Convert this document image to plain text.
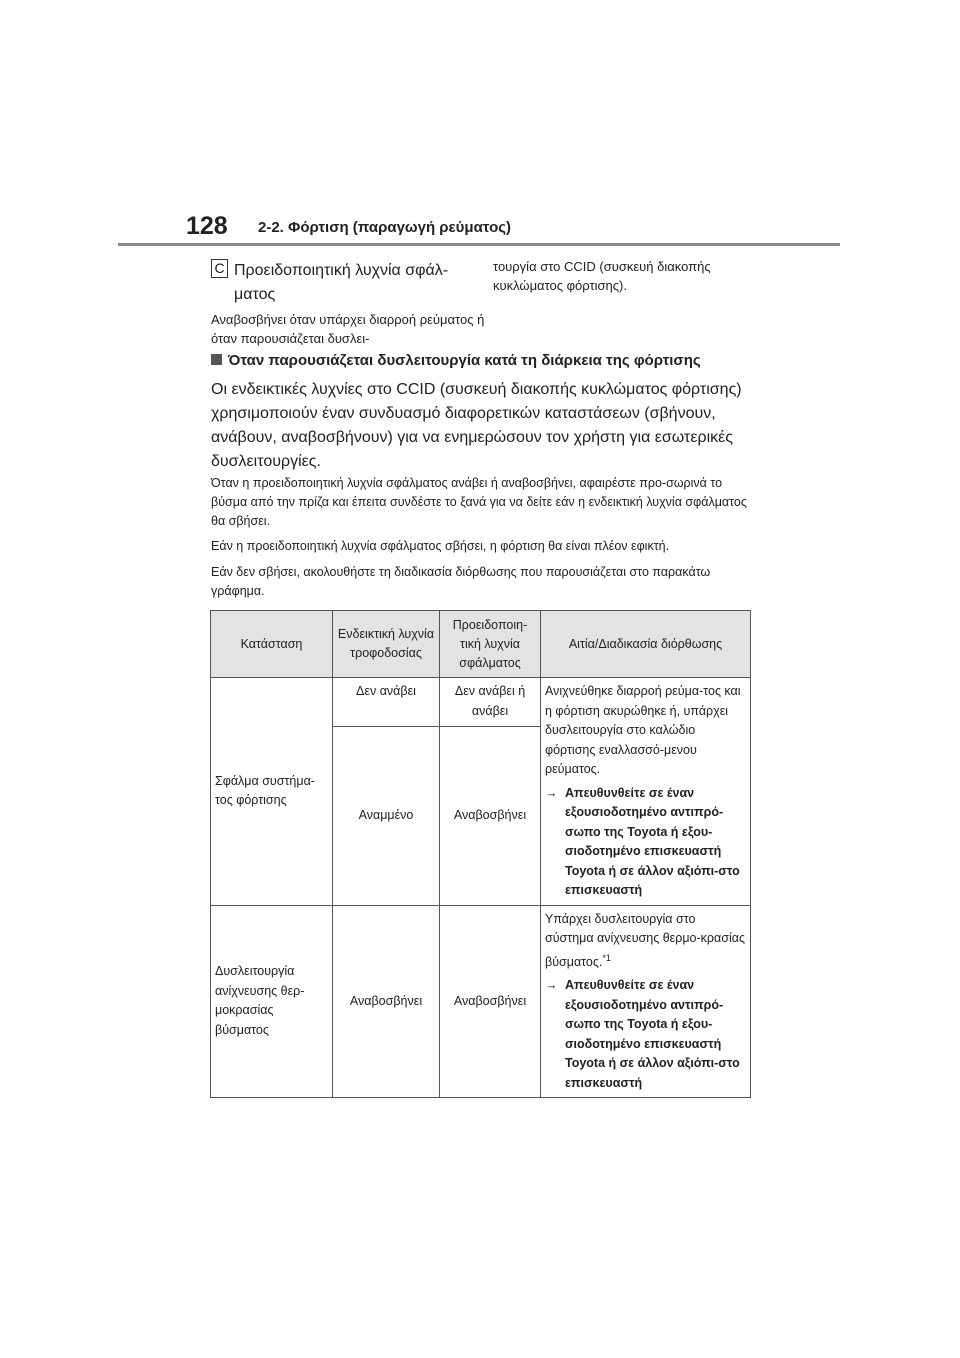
128 2-2. Φόρτιση (παραγωγή ρεύματος)
C Προειδοποιητική λυχνία σφάλ-ματος
Αναβοσβήνει όταν υπάρχει διαρροή ρεύματος ή όταν παρουσιάζεται δυσλει-
τουργία στο CCID (συσκευή διακοπής κυκλώματος φόρτισης).
Όταν παρουσιάζεται δυσλειτουργία κατά τη διάρκεια της φόρτισης
Οι ενδεικτικές λυχνίες στο CCID (συσκευή διακοπής κυκλώματος φόρτισης) χρησιμοποιούν έναν συνδυασμό διαφορετικών καταστάσεων (σβήνουν, ανάβουν, αναβοσβήνουν) για να ενημερώσουν τον χρήστη για εσωτερικές δυσλειτουργίες.
Όταν η προειδοποιητική λυχνία σφάλματος ανάβει ή αναβοσβήνει, αφαιρέστε προ-σωρινά το βύσμα από την πρίζα και έπειτα συνδέστε το ξανά για να δείτε εάν η ενδεικτική λυχνία σφάλματος θα σβήσει.
Εάν η προειδοποιητική λυχνία σφάλματος σβήσει, η φόρτιση θα είναι πλέον εφικτή.
Εάν δεν σβήσει, ακολουθήστε τη διαδικασία διόρθωσης που παρουσιάζεται στο παρακάτω γράφημα.
Κατάσταση	Ενδεικτική λυχνία τροφοδοσίας	Προειδοποιη-τική λυχνία σφάλματος	Αιτία/Διαδικασία διόρθωσης
Σφάλμα συστήμα-τος φόρτισης	Δεν ανάβει	Δεν ανάβει ή ανάβει	Ανιχνεύθηκε διαρροή ρεύμα-τος και η φόρτιση ακυρώθηκε ή, υπάρχει δυσλειτουργία στο καλώδιο φόρτισης εναλλασσό-μενου ρεύματος.
→ Απευθυνθείτε σε έναν εξουσιοδοτημένο αντιπρό-σωπο της Toyota ή εξου-σιοδοτημένο επισκευαστή Toyota ή σε άλλον αξιόπι-στο επισκευαστή

	Αναμμένο	Αναβοσβήνει	
Δυσλειτουργία ανίχνευσης θερ-μοκρασίας βύσματος	Αναβοσβήνει	Αναβοσβήνει	Υπάρχει δυσλειτουργία στο σύστημα ανίχνευσης θερμο-κρασίας βύσματος.$^{*1}$
→ Απευθυνθείτε σε έναν εξουσιοδοτημένο αντιπρό-σωπο της Toyota ή εξου-σιοδοτημένο επισκευαστή Toyota ή σε άλλον αξιόπι-στο επισκευαστή
